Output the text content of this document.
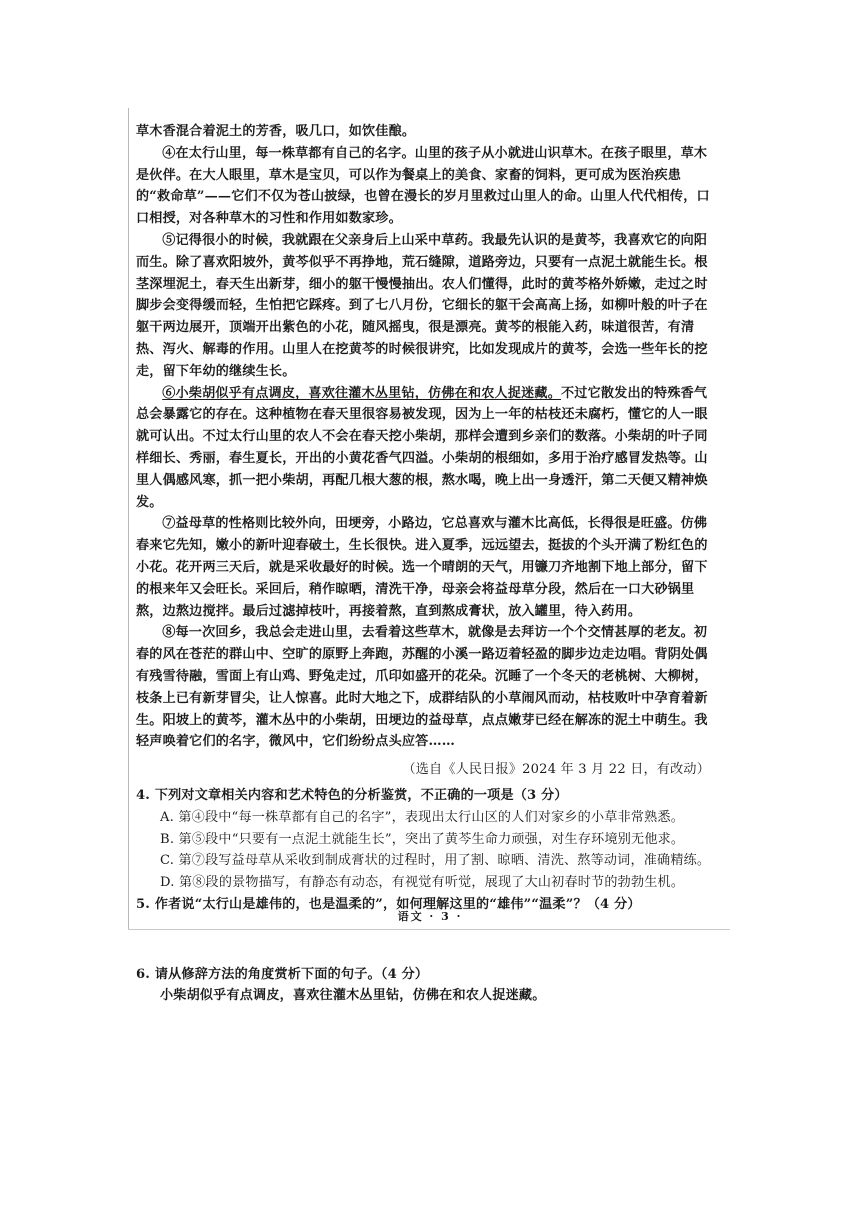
草木香混合着泥土的芳香，吸几口，如饮佳酿。

④在太行山里，每一株草都有自己的名字。山里的孩子从小就进山识草木。在孩子眼里，草木是伙伴。在大人眼里，草木是宝贝，可以作为餐桌上的美食、家畜的饲料，更可成为医治疾患的“救命草”——它们不仅为苍山披绿，也曾在漫长的岁月里救过山里人的命。山里人代代相传，口口相授，对各种草木的习性和作用如数家珍。

⑤记得很小的时候，我就跟在父亲身后上山采中草药。我最先认识的是黄芩，我喜欢它的向阳而生。除了喜欢阳坡外，黄芩似乎不再挣地，荒石缝隙，道路旁边，只要有一点泥土就能生长。根茎深埋泥土，春天生出新芽，细小的躯干慢慢抽出。农人们懂得，此时的黄芩格外娇嫩，走过之时脚步会变得缓而轻，生怕把它踩疼。到了七八月份，它细长的躯干会高高上扬，如柳叶般的叶子在躯干两边展开，顶端开出紫色的小花，随风摇曳，很是漂亮。黄芩的根能入药，味道很苦，有清热、泻火、解毒的作用。山里人在挖黄芩的时候很讲究，比如发现成片的黄芩，会选一些年长的挖走，留下年幼的继续生长。

⑥小柴胡似乎有点调皮，喜欢往灌木丛里钻，仿佛在和农人捉迷藏。不过它散发出的特殊香气总会暴露它的存在。这种植物在春天里很容易被发现，因为上一年的枯枝还未腐朽，懂它的人一眼就可认出。不过太行山里的农人不会在春天挖小柴胡，那样会遭到乡亲们的数落。小柴胡的叶子同样细长、秀丽，春生夏长，开出的小黄花香气四溢。小柴胡的根细如，多用于治疗感冒发热等。山里人偶感风寒，抓一把小柴胡，再配几根大葱的根，熬水喝，晚上出一身透汗，第二天便又精神焕发。

⑦益母草的性格则比较外向，田埂旁，小路边，它总喜欢与灌木比高低，长得很是旺盛。仿佛春来它先知，嫩小的新叶迎春破土，生长很快。进入夏季，远远望去，挺拔的个头开满了粉红色的小花。花开两三天后，就是采收最好的时候。选一个晴朗的天气，用镰刀齐地割下地上部分，留下的根来年又会旺长。采回后，稍作晾晒，清洗干净，母亲会将益母草分段，然后在一口大砂锅里熬，边熬边搅拌。最后过滤掉枝叶，再接着熬，直到熬成膏状，放入罐里，待入药用。

⑧每一次回乡，我总会走进山里，去看着这些草木，就像是去拜访一个个交情甚厚的老友。初春的风在苍茫的群山中、空旷的原野上奔跑，苏醒的小溪一路迈着轻盈的脚步边走边唱。背阴处偶有残雪待融，雪面上有山鸡、野兔走过，爪印如盛开的花朵。沉睡了一个冬天的老桃树、大柳树，枝条上已有新芽冒尖，让人惊喜。此时大地之下，成群结队的小草闹风而动，枯枝败叶中孕育着新生。阳坡上的黄芩，灌木丛中的小柴胡，田埂边的益母草，点点嫩芽已经在解冻的泥土中萌生。我轻声唤着它们的名字，微风中，它们纷纷点头应答……

（选自《人民日报》2024 年 3 月 22 日，有改动）

4. 下列对文章相关内容和艺术特色的分析鉴赏，不正确的一项是（3 分）

A. 第④段中“每一株草都有自己的名字”，表现出太行山区的人们对家乡的小草非常熟悉。

B. 第⑤段中“只要有一点泥土就能生长”，突出了黄芩生命力顽强，对生存环境别无他求。

C. 第⑦段写益母草从采收到制成膏状的过程时，用了割、晾晒、清洗、熬等动词，准确精练。

D. 第⑧段的景物描写，有静态有动态，有视觉有听觉，展现了大山初春时节的勃勃生机。

5. 作者说“太行山是雄伟的，也是温柔的”，如何理解这里的“雄伟”“温柔”？（4 分）

6. 请从修辞方法的角度赏析下面的句子。（4 分）

小柴胡似乎有点调皮，喜欢往灌木丛里钻，仿佛在和农人捉迷藏。

语文 · 3 ·
